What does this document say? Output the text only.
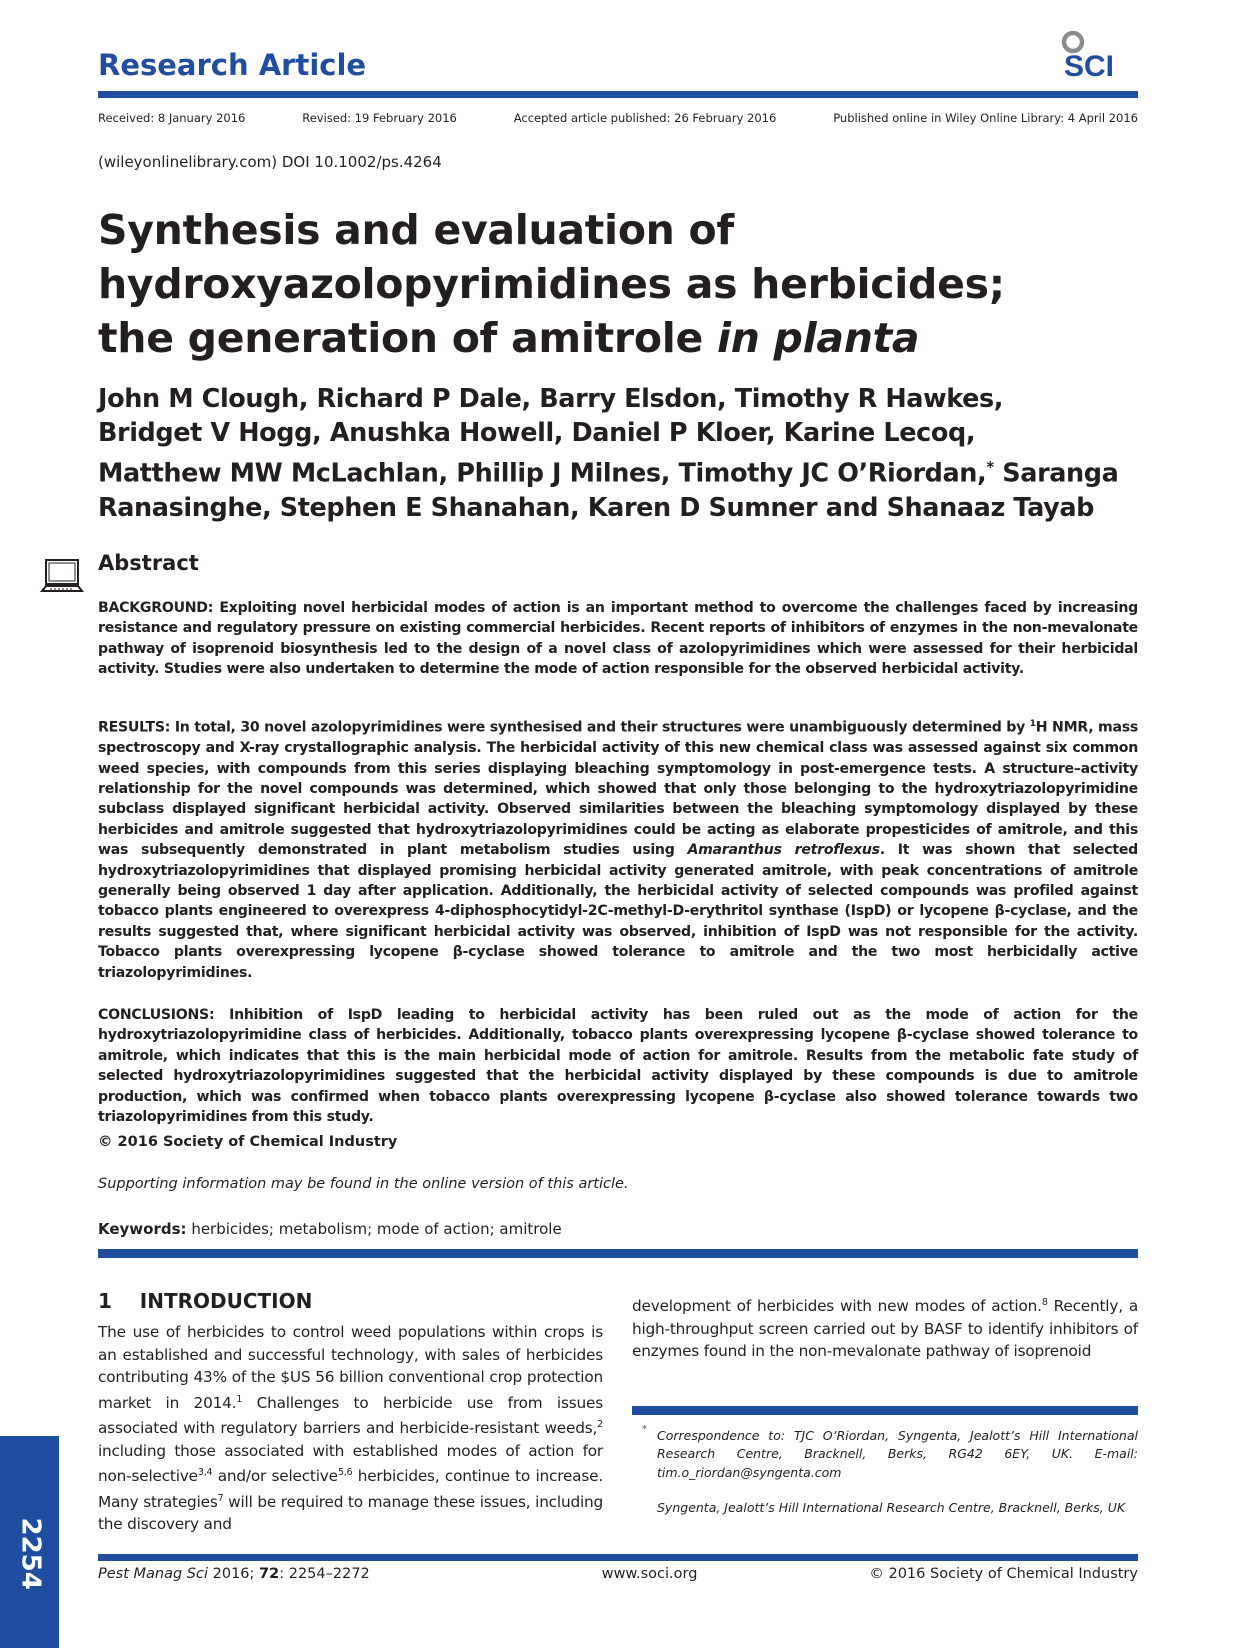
Research Article	SCI
Received: 8 January 2016	Revised: 19 February 2016	Accepted article published: 26 February 2016	Published online in Wiley Online Library: 4 April 2016
(wileyonlinelibrary.com) DOI 10.1002/ps.4264

Synthesis and evaluation of

hydroxyazolopyrimidines as herbicides;

the generation of amitrole in planta

John M Clough, Richard P Dale, Barry Elsdon, Timothy R Hawkes,

Bridget V Hogg, Anushka Howell, Daniel P Kloer, Karine Lecoq,

Matthew MW McLachlan, Phillip J Milnes, Timothy JC O’Riordan,* Saranga

Ranasinghe, Stephen E Shanahan, Karen D Sumner and Shanaaz Tayab

Abstract
BACKGROUND: Exploiting novel herbicidal modes of action is an important method to overcome the challenges faced by increasing resistance and regulatory pressure on existing commercial herbicides. Recent reports of inhibitors of enzymes in the non-mevalonate pathway of isoprenoid biosynthesis led to the design of a novel class of azolopyrimidines which were assessed for their herbicidal activity. Studies were also undertaken to determine the mode of action responsible for the observed herbicidal activity.
RESULTS: In total, 30 novel azolopyrimidines were synthesised and their structures were unambiguously determined by $^1$H NMR, mass spectroscopy and X-ray crystallographic analysis. The herbicidal activity of this new chemical class was assessed against six common weed species, with compounds from this series displaying bleaching symptomology in post-emergence tests. A structure–activity relationship for the novel compounds was determined, which showed that only those belonging to the hydroxytriazolopyrimidine subclass displayed significant herbicidal activity. Observed similarities between the bleaching symptomology displayed by these herbicides and amitrole suggested that hydroxytriazolopyrimidines could be acting as elaborate propesticides of amitrole, and this was subsequently demonstrated in plant metabolism studies using Amaranthus retroflexus. It was shown that selected hydroxytriazolopyrimidines that displayed promising herbicidal activity generated amitrole, with peak concentrations of amitrole generally being observed 1 day after application. Additionally, the herbicidal activity of selected compounds was profiled against tobacco plants engineered to overexpress 4-diphosphocytidyl-2C-methyl-D-erythritol synthase (IspD) or lycopene β-cyclase, and the results suggested that, where significant herbicidal activity was observed, inhibition of IspD was not responsible for the activity. Tobacco plants overexpressing lycopene β-cyclase showed tolerance to amitrole and the two most herbicidally active triazolopyrimidines.
CONCLUSIONS: Inhibition of IspD leading to herbicidal activity has been ruled out as the mode of action for the hydroxytriazolopyrimidine class of herbicides. Additionally, tobacco plants overexpressing lycopene β-cyclase showed tolerance to amitrole, which indicates that this is the main herbicidal mode of action for amitrole. Results from the metabolic fate study of selected hydroxytriazolopyrimidines suggested that the herbicidal activity displayed by these compounds is due to amitrole production, which was confirmed when tobacco plants overexpressing lycopene β-cyclase also showed tolerance towards two triazolopyrimidines from this study.
© 2016 Society of Chemical Industry
Supporting information may be found in the online version of this article.
Keywords: herbicides; metabolism; mode of action; amitrole
1    INTRODUCTION
The use of herbicides to control weed populations within crops is an established and successful technology, with sales of herbicides contributing 43% of the $US 56 billion conventional crop protection market in 2014.$^1$ Challenges to herbicide use from issues associated with regulatory barriers and herbicide-resistant weeds,$^2$ including those associated with established modes of action for non-selective$^{3,4}$ and/or selective$^{5,6}$ herbicides, continue to increase. Many strategies$^7$ will be required to manage these issues, including the discovery and
development of herbicides with new modes of action.$^8$ Recently, a high-throughput screen carried out by BASF to identify inhibitors of enzymes found in the non-mevalonate pathway of isoprenoid
* Correspondence to: TJC O’Riordan, Syngenta, Jealott’s Hill International Research Centre, Bracknell, Berks, RG42 6EY, UK. E-mail: tim.o_riordan@syngenta.com
Syngenta, Jealott’s Hill International Research Centre, Bracknell, Berks, UK
Pest Manag Sci 2016; 72: 2254–2272	www.soci.org	© 2016 Society of Chemical Industry
2254
